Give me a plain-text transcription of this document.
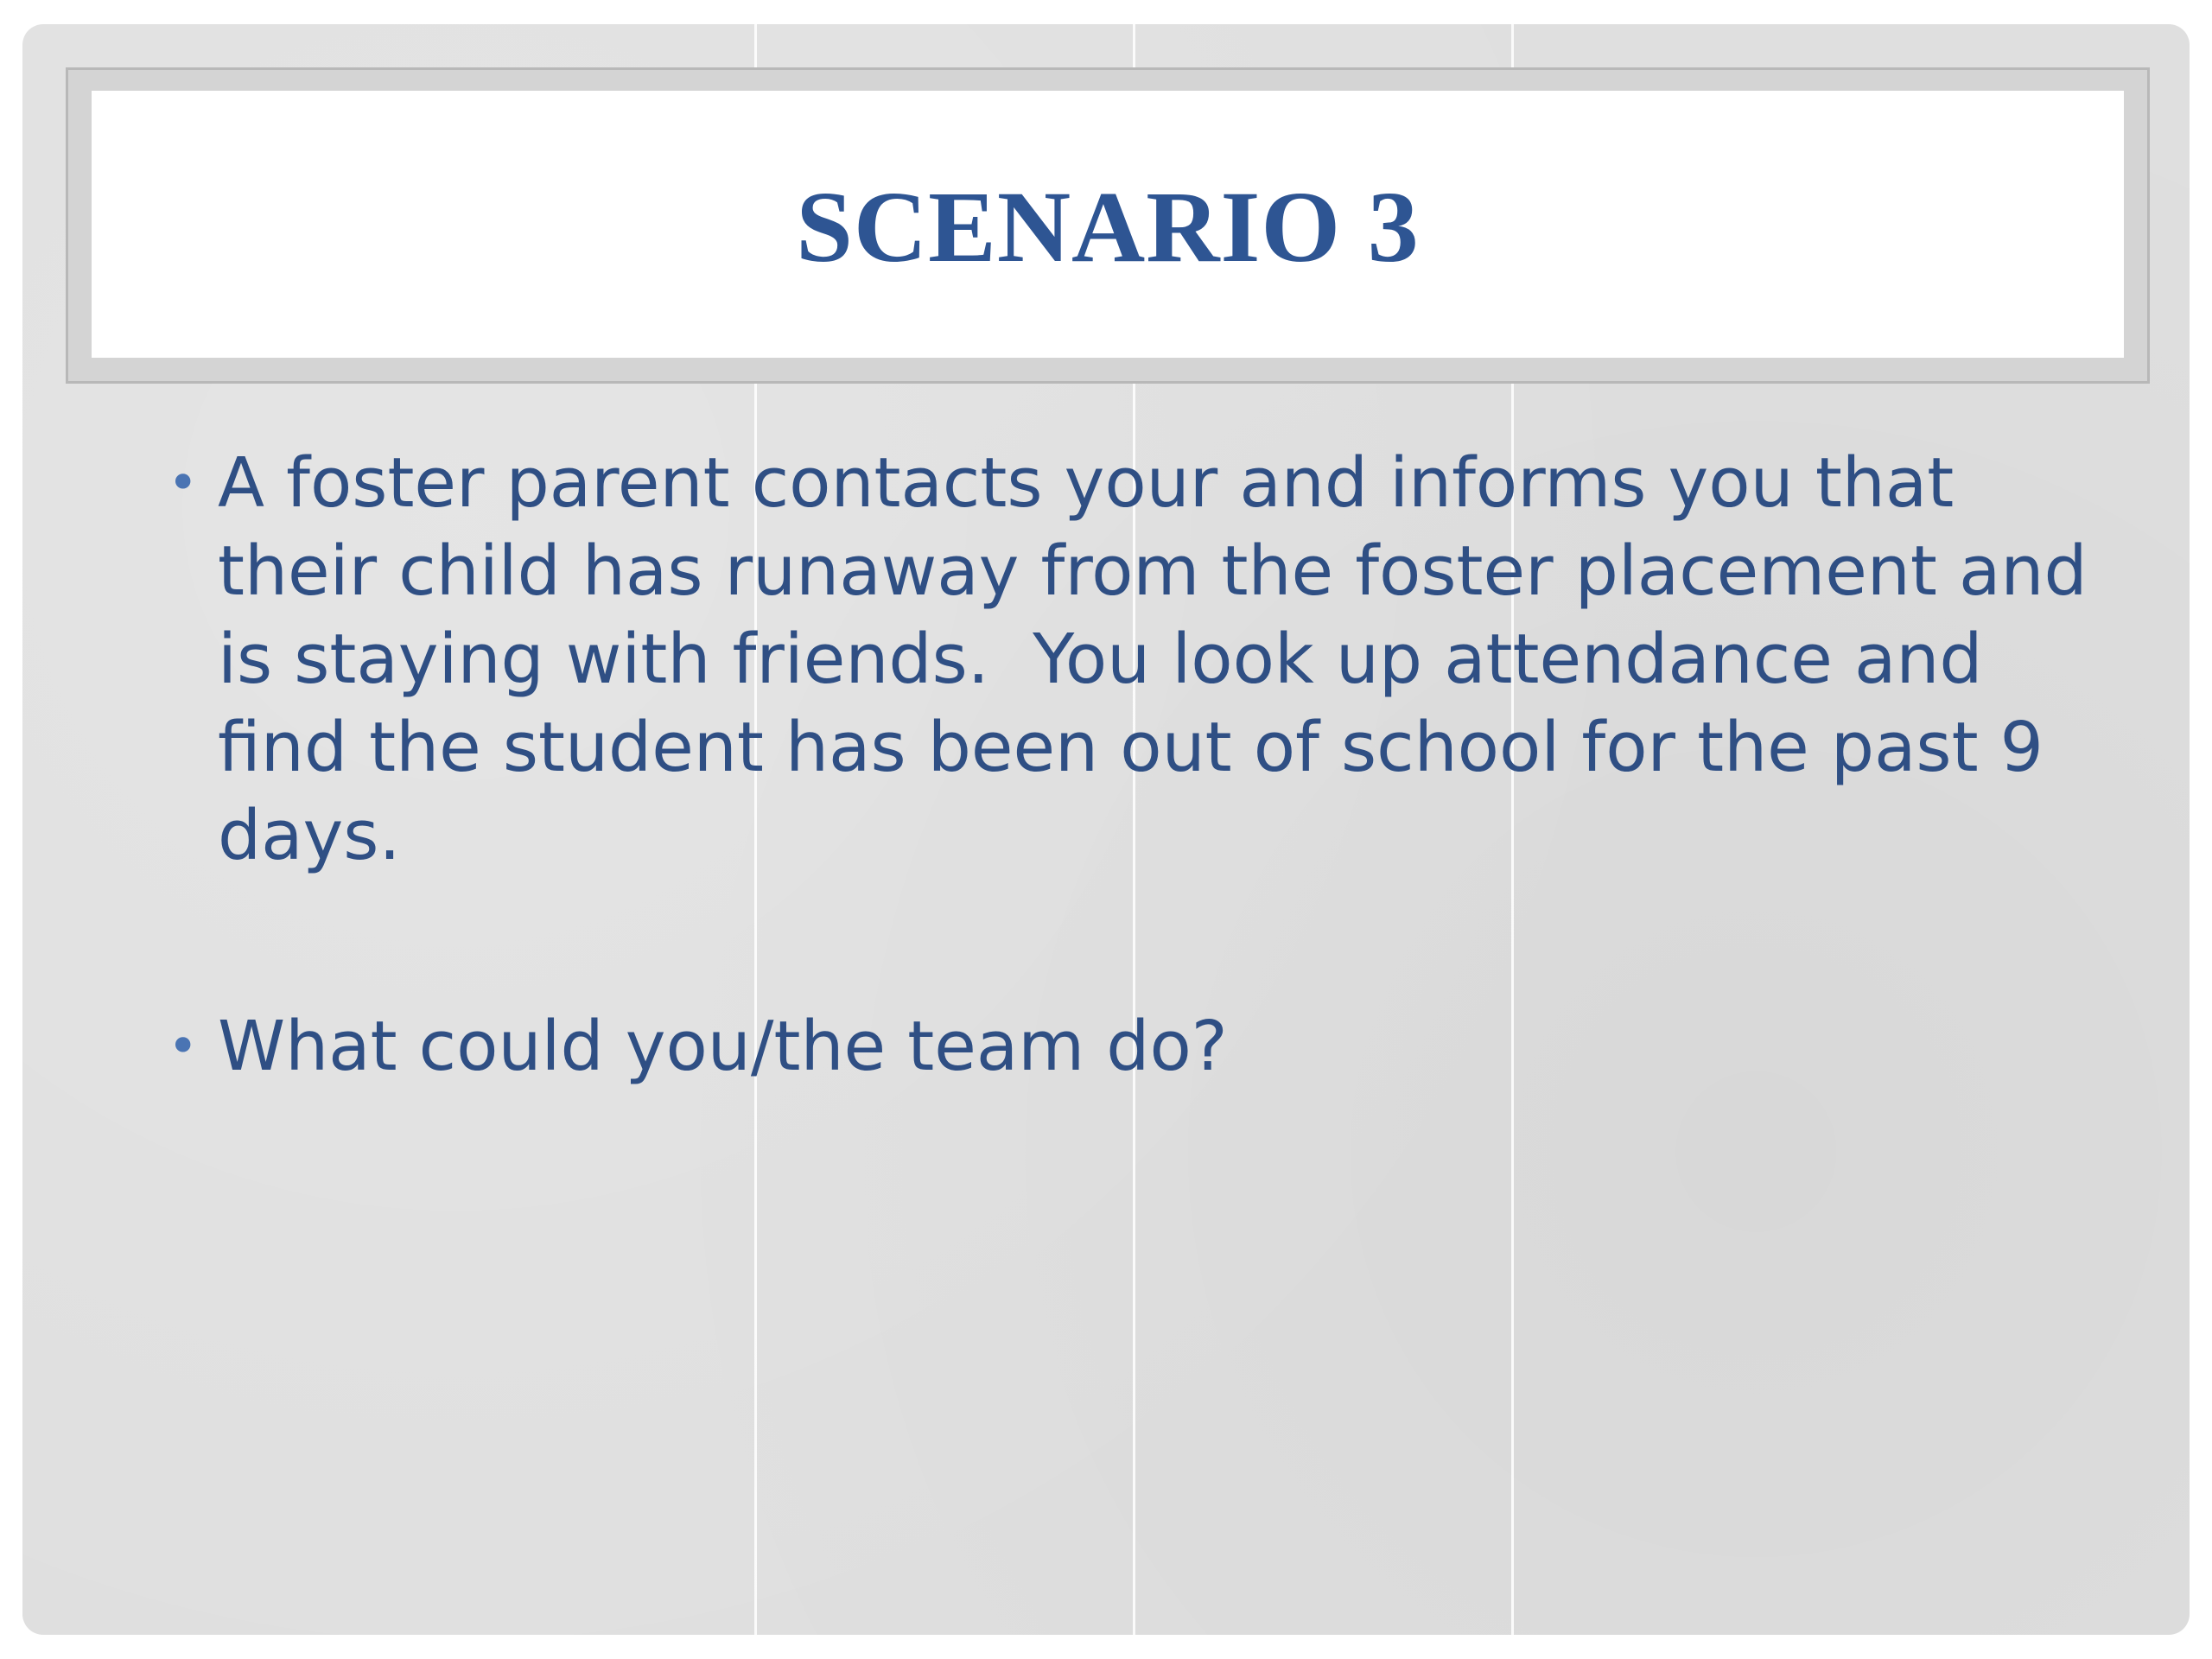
SCENARIO 3
• A foster parent contacts your and informs you that their child has runaway from the foster placement and is staying with friends.  You look up attendance and find the student has been out of school for the past 9 days.
• What could you/the team do?
